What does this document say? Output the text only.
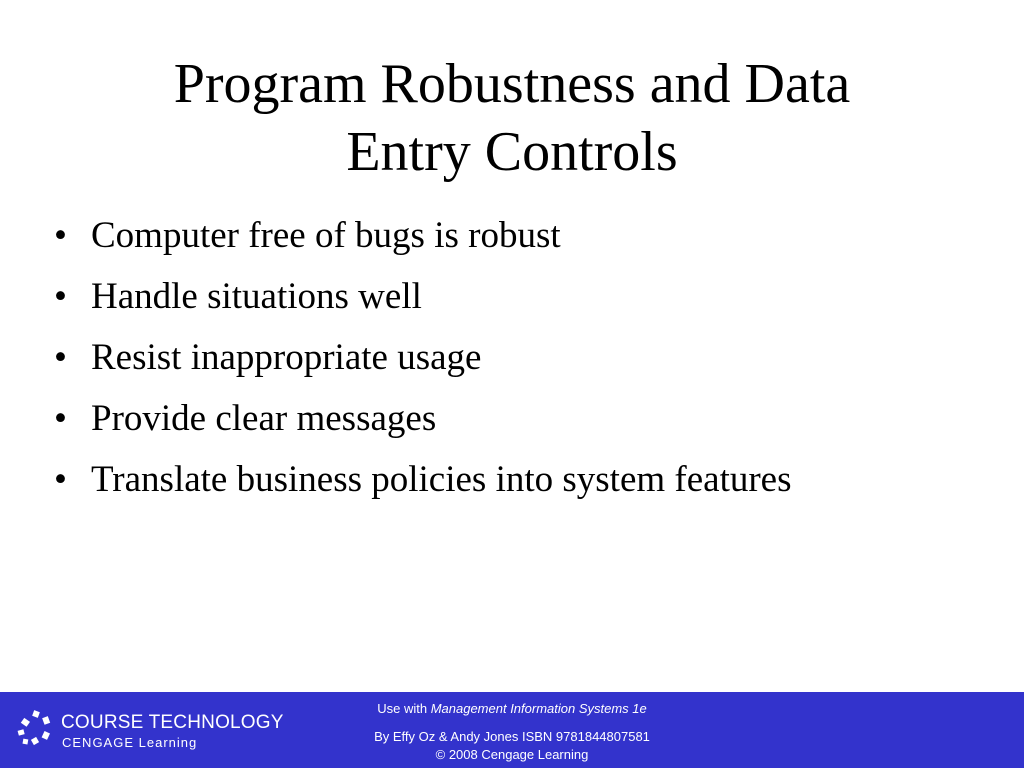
Program Robustness and Data
Entry Controls
• Computer free of bugs is robust
• Handle situations well
• Resist inappropriate usage
• Provide clear messages
• Translate business policies into system features
COURSE TECHNOLOGY
CENGAGE Learning
Use with Management Information Systems 1e
By Effy Oz & Andy Jones ISBN 9781844807581
© 2008 Cengage Learning
